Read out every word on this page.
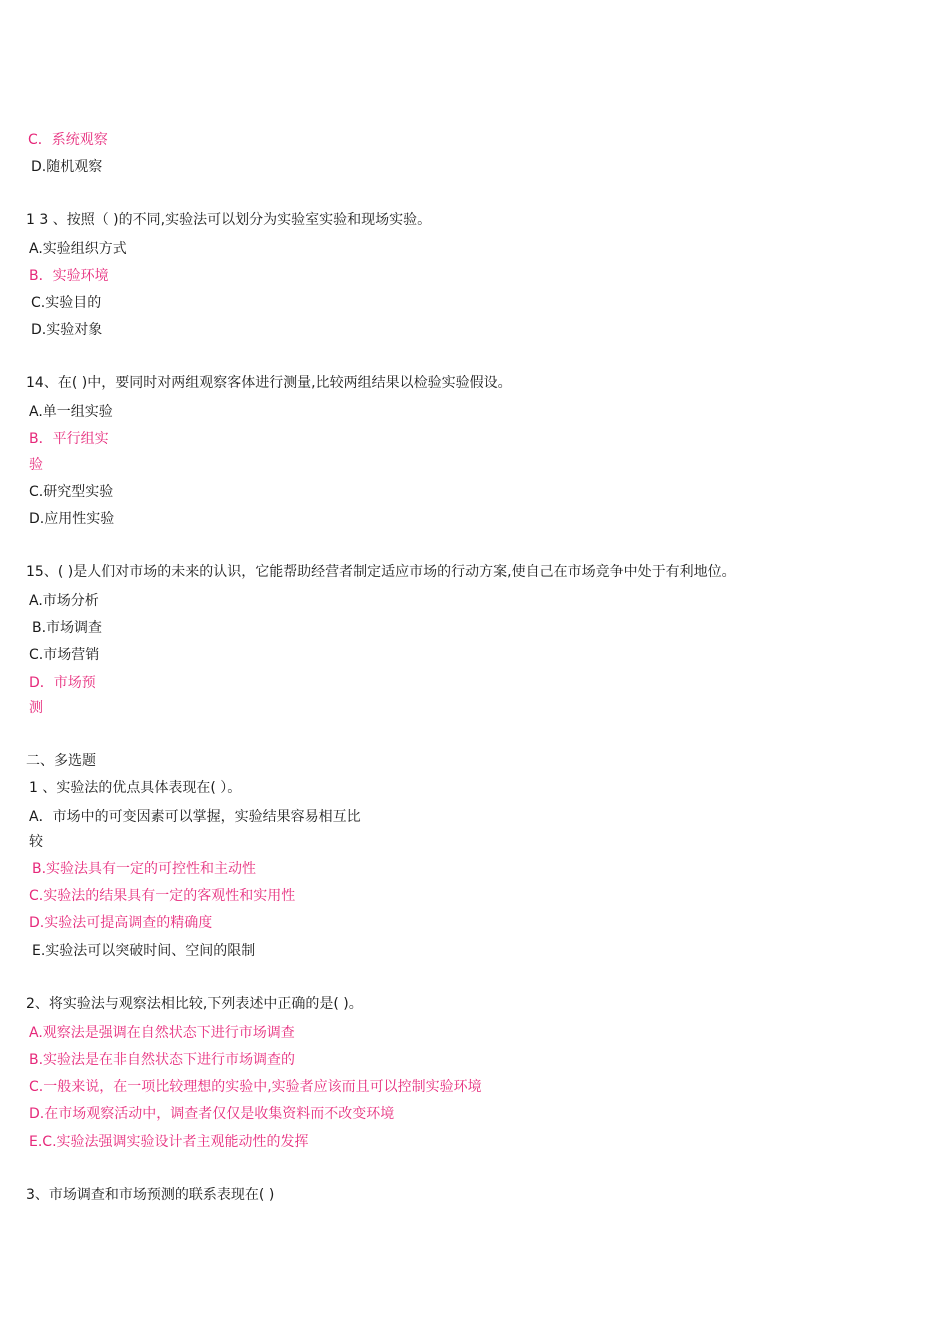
C．系统观察
D.随机观察
1 3 、按照（ )的不同,实验法可以划分为实验室实验和现场实验。
A.实验组织方式
B．实验环境
C.实验目的
D.实验对象
14、在( )中，要同时对两组观察客体进行测量,比较两组结果以检验实验假设。
A.单一组实验
B．平行组实
验
C.研究型实验
D.应用性实验
15、( )是人们对市场的未来的认识，它能帮助经营者制定适应市场的行动方案,使自己在市场竞争中处于有利地位。
A.市场分析
B.市场调查
C.市场营销
D．市场预
测
二、多选题
1 、实验法的优点具体表现在( ）。
A．市场中的可变因素可以掌握，实验结果容易相互比
较
B.实验法具有一定的可控性和主动性
C.实验法的结果具有一定的客观性和实用性
D.实验法可提高调查的精确度
E.实验法可以突破时间、空间的限制
2、将实验法与观察法相比较,下列表述中正确的是( )。
A.观察法是强调在自然状态下进行市场调查
B.实验法是在非自然状态下进行市场调查的
C.一般来说，在一项比较理想的实验中,实验者应该而且可以控制实验环境
D.在市场观察活动中，调查者仅仅是收集资料而不改变环境
E.C.实验法强调实验设计者主观能动性的发挥
3、市场调查和市场预测的联系表现在( )
